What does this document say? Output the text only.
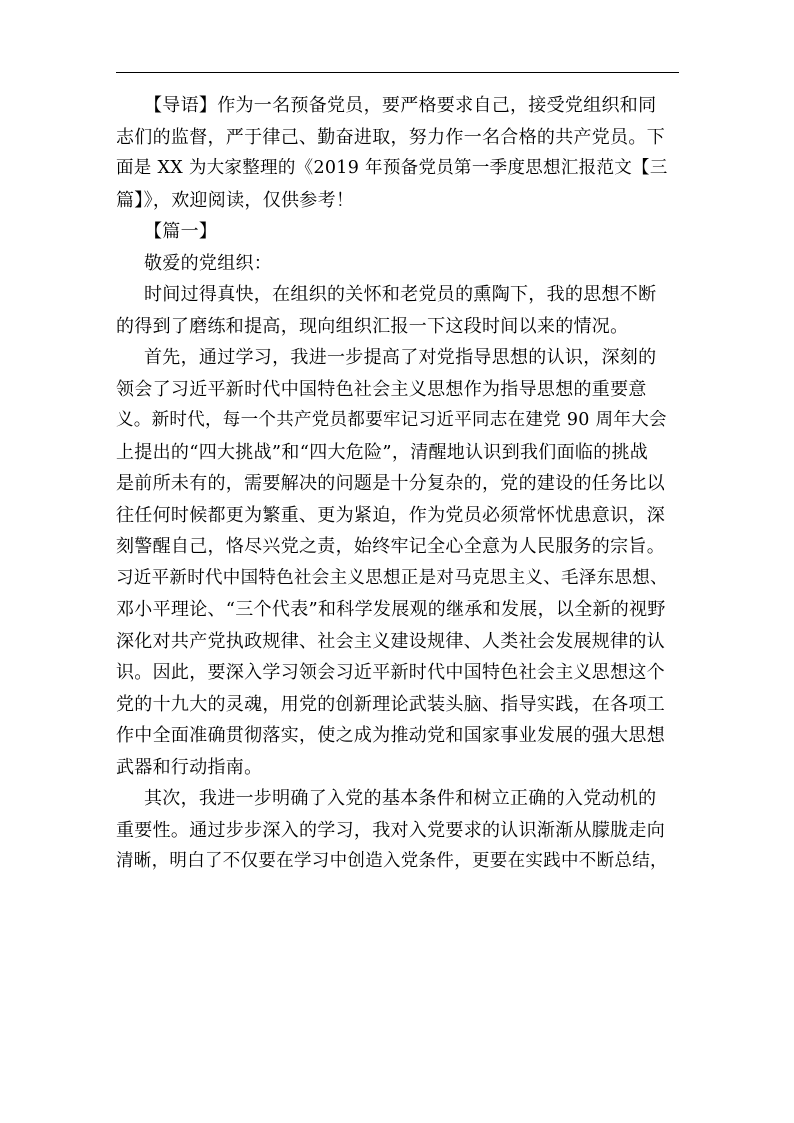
【导语】作为一名预备党员，要严格要求自己，接受党组织和同
志们的监督，严于律己、勤奋进取，努力作一名合格的共产党员。下
面是 XX 为大家整理的《2019 年预备党员第一季度思想汇报范文【三
篇】》，欢迎阅读，仅供参考！
【篇一】
敬爱的党组织：
时间过得真快，在组织的关怀和老党员的熏陶下，我的思想不断
的得到了磨练和提高，现向组织汇报一下这段时间以来的情况。
首先，通过学习，我进一步提高了对党指导思想的认识，深刻的
领会了习近平新时代中国特色社会主义思想作为指导思想的重要意
义。新时代，每一个共产党员都要牢记习近平同志在建党 90 周年大会
上提出的“四大挑战”和“四大危险”，清醒地认识到我们面临的挑战
是前所未有的，需要解决的问题是十分复杂的，党的建设的任务比以
往任何时候都更为繁重、更为紧迫，作为党员必须常怀忧患意识，深
刻警醒自己，恪尽兴党之责，始终牢记全心全意为人民服务的宗旨。
习近平新时代中国特色社会主义思想正是对马克思主义、毛泽东思想、
邓小平理论、“三个代表”和科学发展观的继承和发展，以全新的视野
深化对共产党执政规律、社会主义建设规律、人类社会发展规律的认
识。因此，要深入学习领会习近平新时代中国特色社会主义思想这个
党的十九大的灵魂，用党的创新理论武装头脑、指导实践，在各项工
作中全面准确贯彻落实，使之成为推动党和国家事业发展的强大思想
武器和行动指南。
其次，我进一步明确了入党的基本条件和树立正确的入党动机的
重要性。通过步步深入的学习，我对入党要求的认识渐渐从朦胧走向
清晰，明白了不仅要在学习中创造入党条件，更要在实践中不断总结，
